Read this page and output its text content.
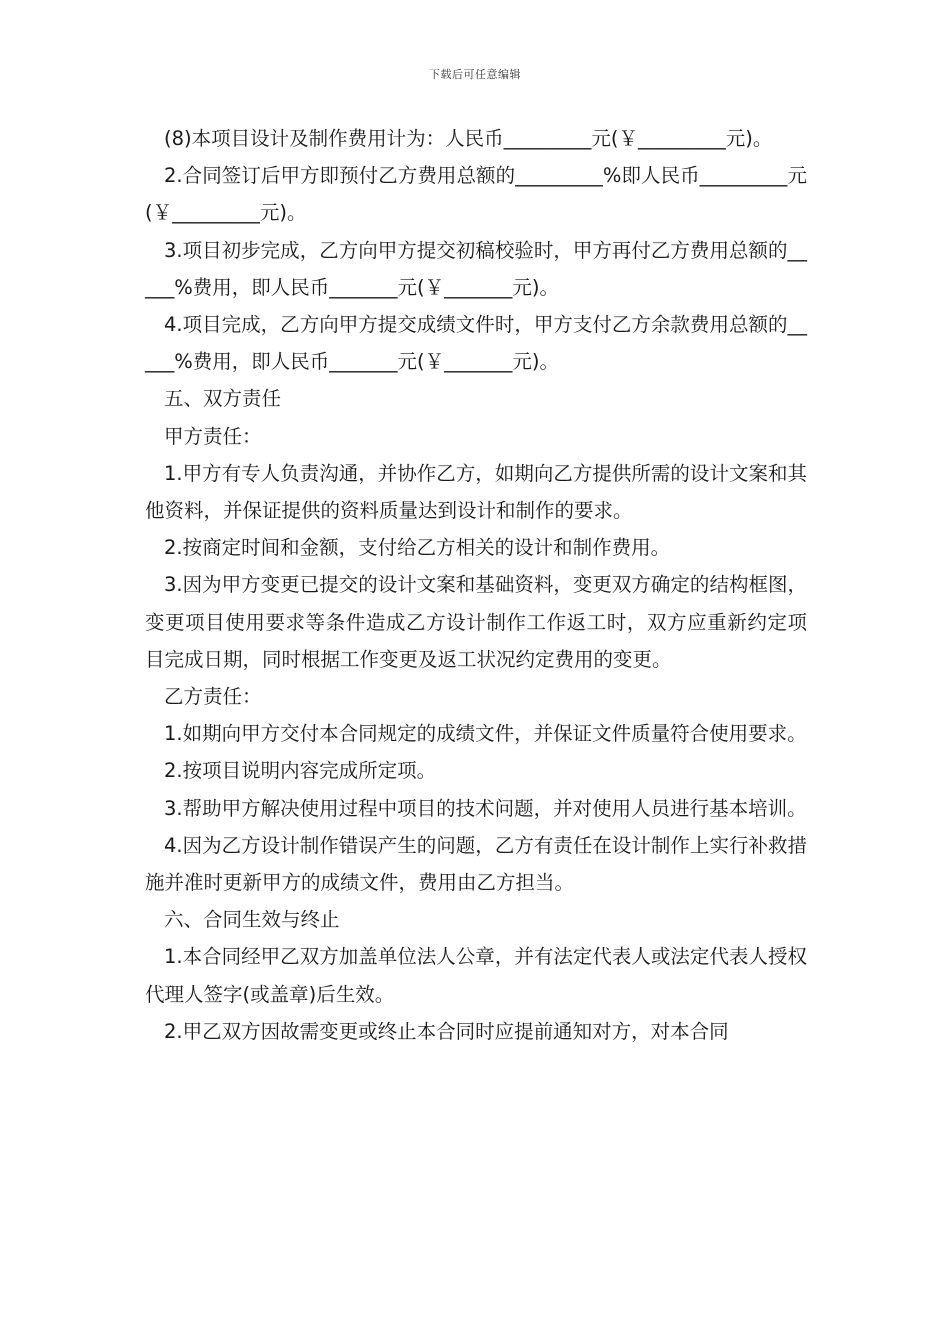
下载后可任意编辑

(8)本项目设计及制作费用计为：人民币_________元(￥_________元)。

2.合同签订后甲方即预付乙方费用总额的_________%即人民币_________元(￥_________元)。

3.项目初步完成，乙方向甲方提交初稿校验时，甲方再付乙方费用总额的_____%费用，即人民币_______元(￥_______元)。

4.项目完成，乙方向甲方提交成绩文件时，甲方支付乙方余款费用总额的_____%费用，即人民币_______元(￥_______元)。

五、双方责任

甲方责任：

1.甲方有专人负责沟通，并协作乙方，如期向乙方提供所需的设计文案和其他资料，并保证提供的资料质量达到设计和制作的要求。

2.按商定时间和金额，支付给乙方相关的设计和制作费用。

3.因为甲方变更已提交的设计文案和基础资料，变更双方确定的结构框图，变更项目使用要求等条件造成乙方设计制作工作返工时，双方应重新约定项目完成日期，同时根据工作变更及返工状况约定费用的变更。

乙方责任：

1.如期向甲方交付本合同规定的成绩文件，并保证文件质量符合使用要求。

2.按项目说明内容完成所定项。

3.帮助甲方解决使用过程中项目的技术问题，并对使用人员进行基本培训。

4.因为乙方设计制作错误产生的问题，乙方有责任在设计制作上实行补救措施并准时更新甲方的成绩文件，费用由乙方担当。

六、合同生效与终止

1.本合同经甲乙双方加盖单位法人公章，并有法定代表人或法定代表人授权代理人签字(或盖章)后生效。

2.甲乙双方因故需变更或终止本合同时应提前通知对方，对本合同
